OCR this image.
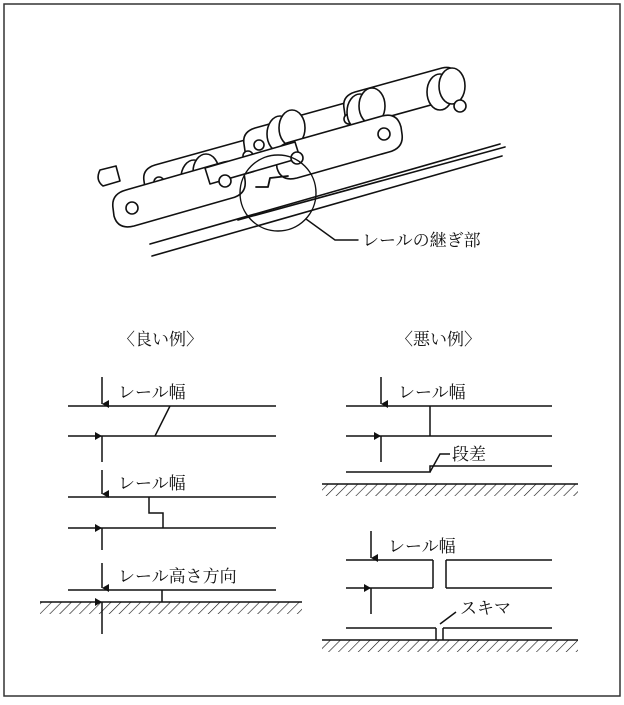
レールの継ぎ部
〈良い例〉
レール幅
レール幅
レール高さ方向
〈悪い例〉
レール幅
段差
レール幅
スキマ
